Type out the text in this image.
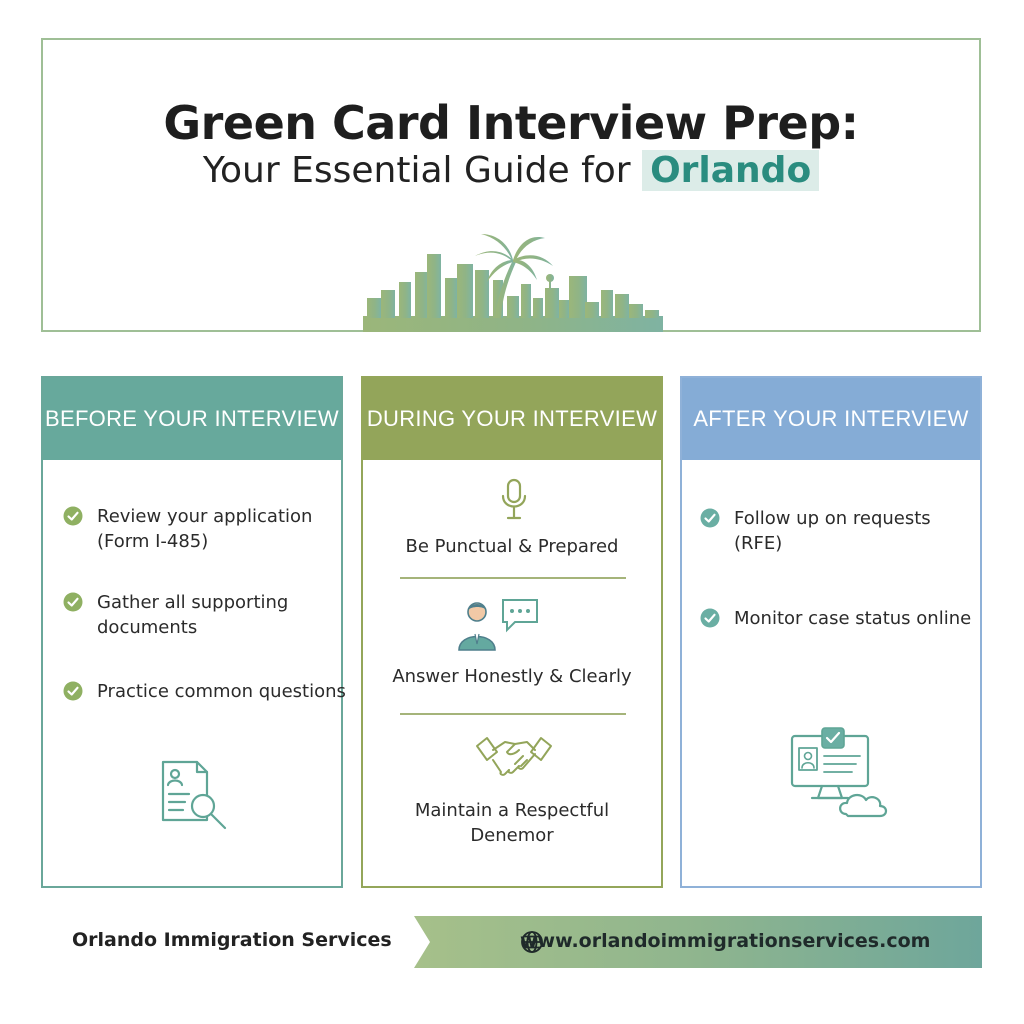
Green Card Interview Prep:

Your Essential Guide for Orlando

BEFORE YOUR INTERVIEW
Review your application (Form I-485)
Gather all supporting documents
Practice common questions
DURING YOUR INTERVIEW
Be Punctual & Prepared
Answer Honestly & Clearly
Maintain a Respectful Denemor
AFTER YOUR INTERVIEW
Follow up on requests (RFE)
Monitor case status online
Orlando Immigration Services	www.orlandoimmigrationservices.com
